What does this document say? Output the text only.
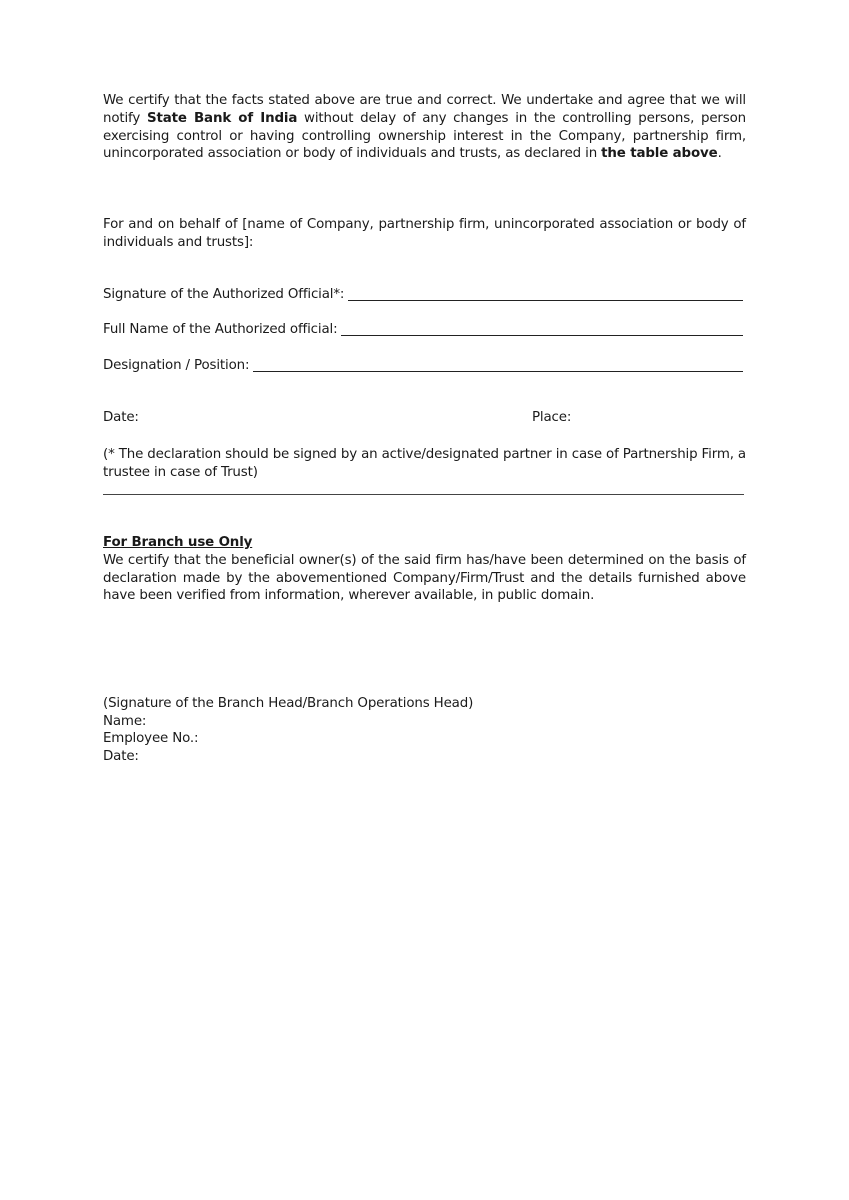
We certify that the facts stated above are true and correct. We undertake and agree that we will notify State Bank of India without delay of any changes in the controlling persons, person exercising control or having controlling ownership interest in the Company, partnership firm, unincorporated association or body of individuals and trusts, as declared in the table above.
For and on behalf of [name of Company, partnership firm, unincorporated association or body of individuals and trusts]:
Signature of the Authorized Official*:
Full Name of the Authorized official:
Designation / Position:
Date:	Place:
(* The declaration should be signed by an active/designated partner in case of Partnership Firm, a trustee in case of Trust)
For Branch use Only
We certify that the beneficial owner(s) of the said firm has/have been determined on the basis of declaration made by the abovementioned Company/Firm/Trust and the details furnished above have been verified from information, wherever available, in public domain.
(Signature of the Branch Head/Branch Operations Head)
Name:
Employee No.:
Date:
